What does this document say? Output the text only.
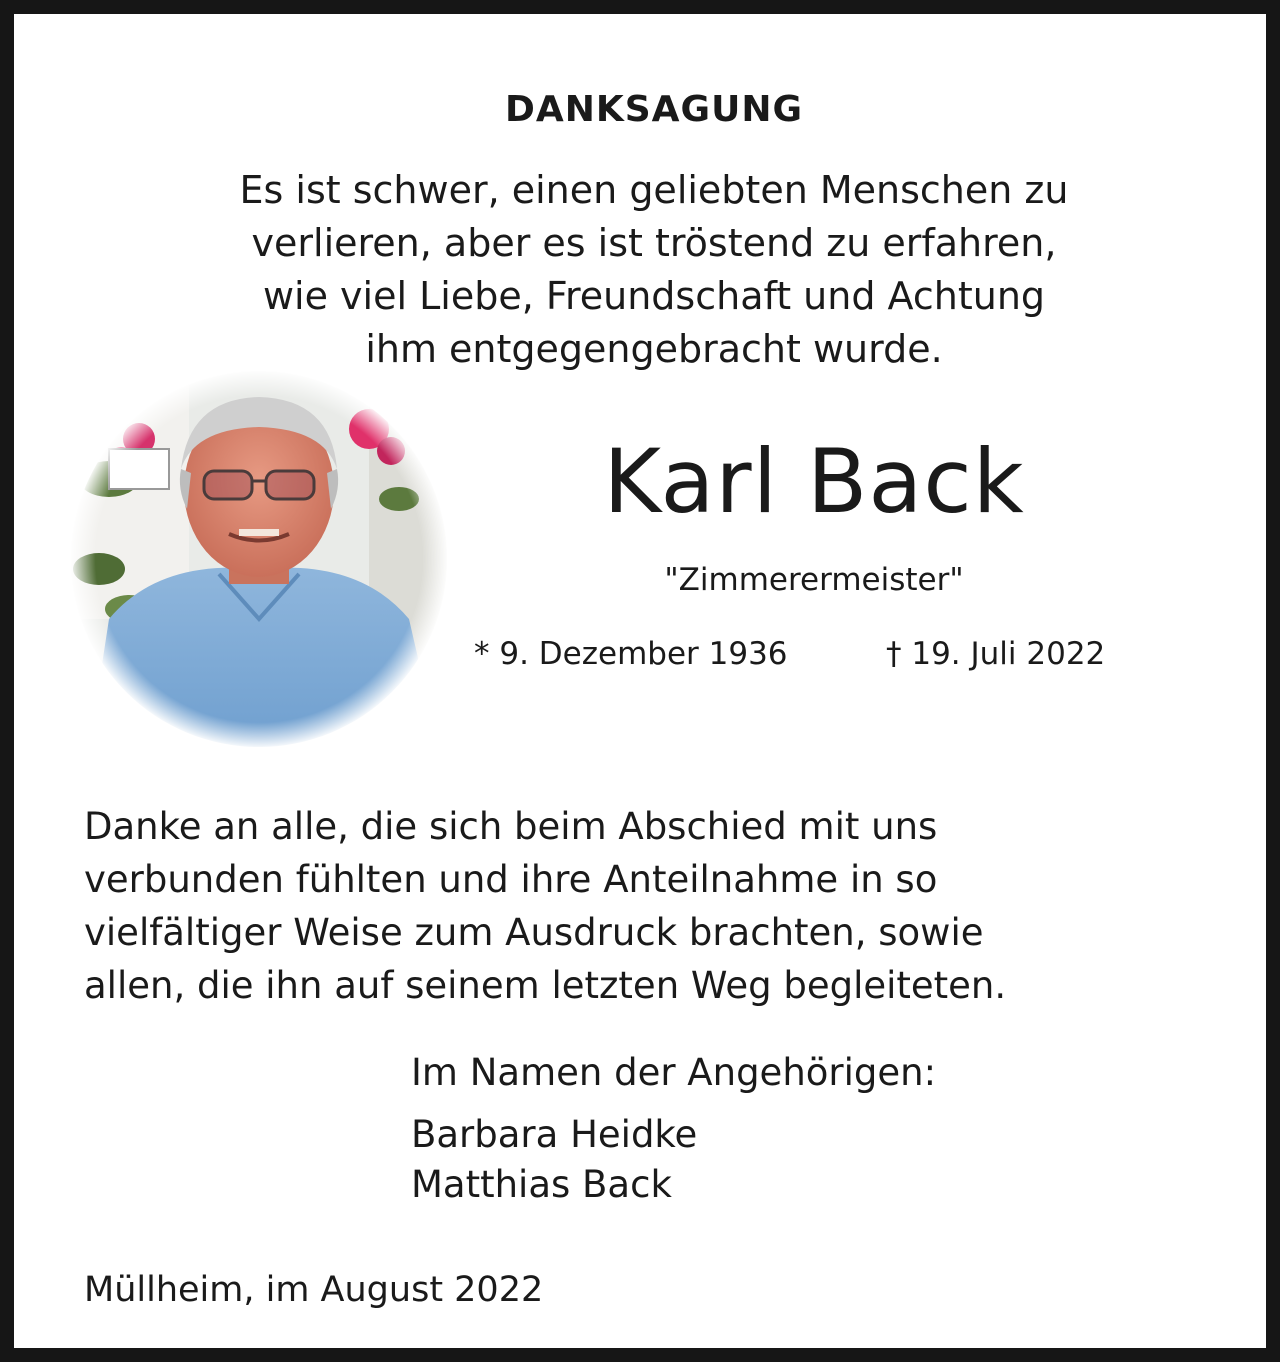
DANKSAGUNG

Es ist schwer, einen geliebten Menschen zu
verlieren, aber es ist tröstend zu erfahren,
wie viel Liebe, Freundschaft und Achtung
ihm entgegengebracht wurde.

Karl Back
"Zimmerermeister"
* 9. Dezember 1936	† 19. Juli 2022
Danke an alle, die sich beim Abschied mit uns
verbunden fühlten und ihre Anteilnahme in so
vielfältiger Weise zum Ausdruck brachten, sowie
allen, die ihn auf seinem letzten Weg begleiteten.
Im Namen der Angehörigen:
Barbara Heidke
Matthias Back
Müllheim, im August 2022
